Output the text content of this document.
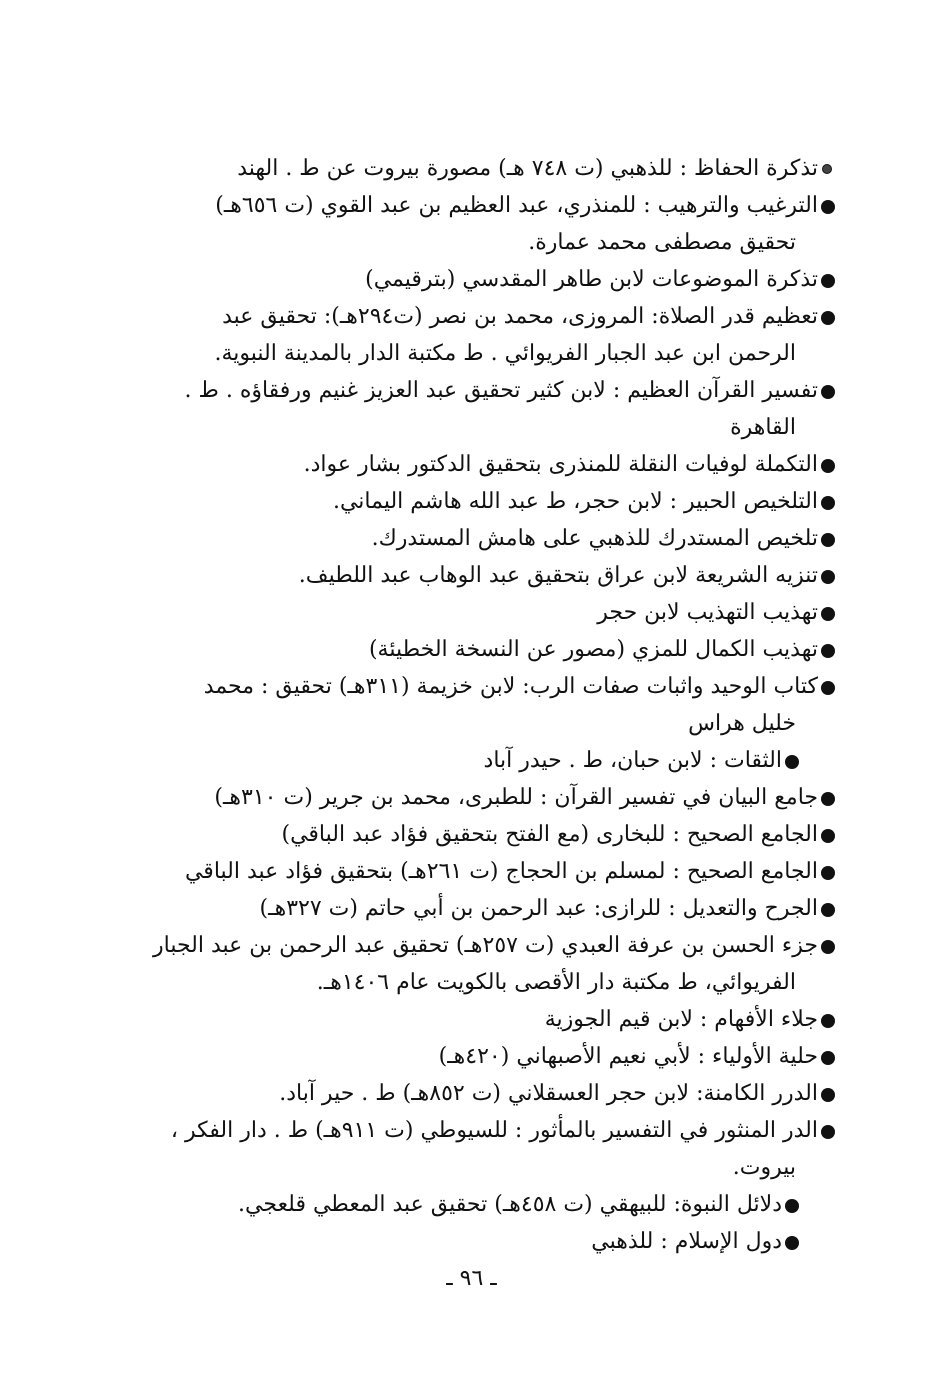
تذكرة الحفاظ : للذهبي (ت ٧٤٨ هـ) مصورة بيروت عن ط . الهند
الترغيب والترهيب : للمنذري، عبد العظيم بن عبد القوي (ت ٦٥٦هـ)
تحقيق مصطفى محمد عمارة.
تذكرة الموضوعات لابن طاهر المقدسي (بترقيمي)
تعظيم قدر الصلاة: المروزى، محمد بن نصر (ت٢٩٤هـ): تحقيق عبد
الرحمن ابن عبد الجبار الفريوائي . ط مكتبة الدار بالمدينة النبوية.
تفسير القرآن العظيم : لابن كثير تحقيق عبد العزيز غنيم ورفقاؤه . ط .
القاهرة
التكملة لوفيات النقلة للمنذرى بتحقيق الدكتور بشار عواد.
التلخيص الحبير : لابن حجر، ط عبد الله هاشم اليماني.
تلخيص المستدرك للذهبي على هامش المستدرك.
تنزيه الشريعة لابن عراق بتحقيق عبد الوهاب عبد اللطيف.
تهذيب التهذيب لابن حجر
تهذيب الكمال للمزي (مصور عن النسخة الخطيئة)
كتاب الوحيد واثبات صفات الرب: لابن خزيمة (٣١١هـ) تحقيق : محمد
خليل هراس
الثقات : لابن حبان، ط . حيدر آباد
جامع البيان في تفسير القرآن : للطبرى، محمد بن جرير (ت ٣١٠هـ)
الجامع الصحيح : للبخارى (مع الفتح بتحقيق فؤاد عبد الباقي)
الجامع الصحيح : لمسلم بن الحجاج (ت ٢٦١هـ) بتحقيق فؤاد عبد الباقي
الجرح والتعديل : للرازى: عبد الرحمن بن أبي حاتم (ت ٣٢٧هـ)
جزء الحسن بن عرفة العبدي (ت ٢٥٧هـ) تحقيق عبد الرحمن بن عبد الجبار
الفريوائي، ط مكتبة دار الأقصى بالكويت عام ١٤٠٦هـ.
جلاء الأفهام : لابن قيم الجوزية
حلية الأولياء : لأبي نعيم الأصبهاني (٤٢٠هـ)
الدرر الكامنة: لابن حجر العسقلاني (ت ٨٥٢هـ) ط . حير آباد.
الدر المنثور في التفسير بالمأثور : للسيوطي (ت ٩١١هـ) ط . دار الفكر ،
بيروت.
دلائل النبوة: للبيهقي (ت ٤٥٨هـ) تحقيق عبد المعطي قلعجي.
دول الإسلام : للذهبي
ـ ٩٦ ـ
